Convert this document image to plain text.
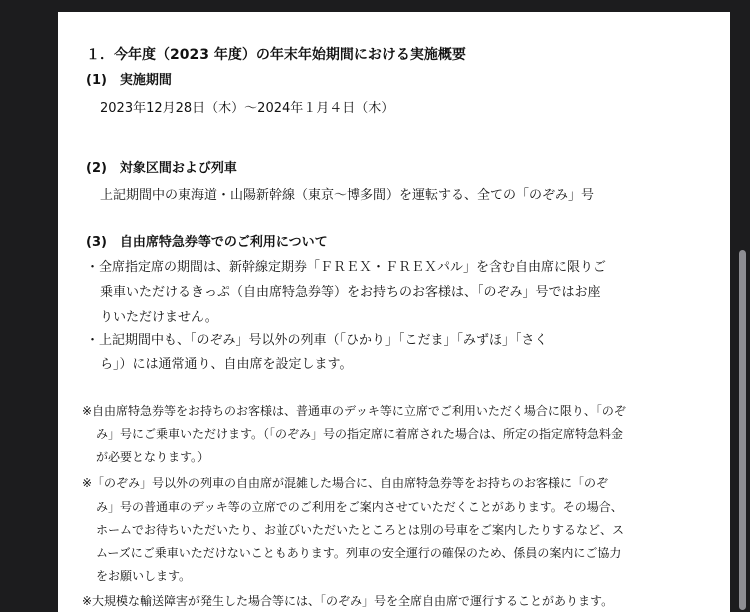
１．今年度（2023 年度）の年末年始期間における実施概要
(1)　実施期間
2023年12月28日（木）～2024年１月４日（木）
(2)　対象区間および列車
上記期間中の東海道・山陽新幹線（東京～博多間）を運転する、全ての「のぞみ」号
(3)　自由席特急券等でのご利用について
・全席指定席の期間は、新幹線定期券「ＦＲＥＸ・ＦＲＥＸパル」を含む自由席に限りご
乗車いただけるきっぷ（自由席特急券等）をお持ちのお客様は、「のぞみ」号ではお座
りいただけません。
・上記期間中も、「のぞみ」号以外の列車（「ひかり」「こだま」「みずほ」「さく
ら」）には通常通り、自由席を設定します。
※自由席特急券等をお持ちのお客様は、普通車のデッキ等に立席でご利用いただく場合に限り、「のぞ
み」号にご乗車いただけます。（「のぞみ」号の指定席に着席された場合は、所定の指定席特急料金
が必要となります。）
※「のぞみ」号以外の列車の自由席が混雑した場合に、自由席特急券等をお持ちのお客様に「のぞ
み」号の普通車のデッキ等の立席でのご利用をご案内させていただくことがあります。その場合、
ホームでお待ちいただいたり、お並びいただいたところとは別の号車をご案内したりするなど、ス
ムーズにご乗車いただけないこともあります。列車の安全運行の確保のため、係員の案内にご協力
をお願いします。
※大規模な輸送障害が発生した場合等には、「のぞみ」号を全席自由席で運行することがあります。
